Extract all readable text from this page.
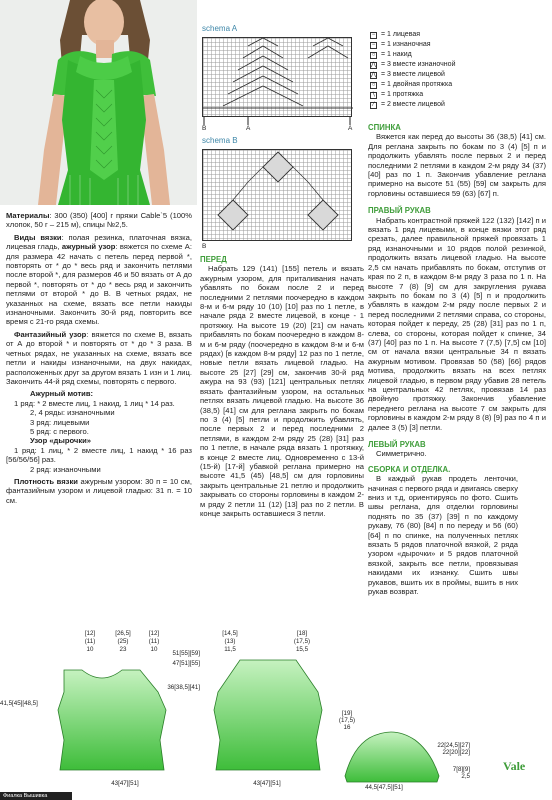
schema A
B	A	A
schema B
B
− = 1 лицевая
− = 1 изнаночная
○ = 1 накид
⋀ = 3 вместе изнаночной
⋀ = 3 вместе лицевой
○ = 1 двойная протяжка
∖ = 1 протяжка
⁄	= 2 вместе лицевой

Материалы: 300 (350) [400] г пряжи Cable`5 (100% хлопок, 50 г – 215 м), спицы №2,5.

Виды вязки: полая резинка, платочная вязка, лицевая гладь, ажурный узор: вяжется по схеме А: для размера 42 начать с петель перед первой *, повторять от * до * весь ряд и закончить петлями после второй *, для размеров 46 и 50 вязать от А до первой *, повторять от * до * весь ряд и закончить петлями от вторoй * до В. В четных рядах, не указанных на схеме, вязать все петли накиды изнаночными. Закончить 30-й ряд, повторить все время с 21-го ряда схемы.

Фантазийный узор: вяжется по схеме В, вязать от А до второй * и повторять от * до * 3 раза. В четных рядах, не указанных на схеме, вязать все петли и накиды изнаночными, на двух накидах, расположенных друг за другом вязать 1 изн и 1 лиц. Закончить 44-й ряд схемы, повторять с первого.

Ажурный мотив:

1 ряд: * 2 вместе лиц, 1 накид, 1 лиц * 14 раз.

2, 4 ряды: изнаночными

3 ряд: лицевыми

5 ряд: с первого.

Узор «дырочки»

1 ряд: 1 лиц, * 2 вместе лиц, 1 накид * 16 раз [56/56/56] раз.

2 ряд: изнаночными

Плотность вязки ажурным узором: 30 п = 10 см, фантазийным узором и лицевой гладью: 31 п. = 10 см.

ПЕРЕД

Набрать 129 (141) [155] петель и вязать ажурным узором, для приталивания начать убавлять по бокам после 2 и перед последними 2 петлями поочередно в каждом 8-м и 6-м ряду 10 (10) [10] раз по 1 петле, в начале ряда 2 вместе лицевой, в конце - 1 протяжку. На высоте 19 (20) [21] см начать прибавлять по бокам поочередно в каждом 8-м и 6-м ряду (поочередно в каждом 8-м и 6-м рядах) [в каждом 8-м ряду] 12 раз по 1 петле, новые петли вязать лицевой гладью. На высоте 25 [27] [29] см, закончив 30-й ряд ажура на 93 (93) [121] центральных петлях вязать фантазийным узором, на остальных петлях вязать лицевой гладью. На высоте 36 (38,5) [41] см для реглана закрыть по бокам по 3 (4) [5] петли и продолжить убавлять, после первых 2 и перед последними 2 петлями, в каждом 2-м ряду 25 (28) [31] раз по 1 петле, в начале ряда вязать 1 протяжку, в конце 2 вместе лиц. Одновременно с 13-й (15-й) [17-й] убавкой реглана примерно на высоте 41,5 (45) [48,5] см для горловины закрыть центральные 21 петлю и продолжить закрывать со стороны горловины в каждом 2-м ряду 2 петли 11 (12) [13] раз по 2 петли. В конце закрыть оставшиеся 3 петли.

СПИНКА

Вяжется как перед до высоты 36 (38,5) [41] см. Для реглана закрыть по бокам по 3 (4) [5] п и продолжить убавлять после первых 2 и перед последними 2 петлями в каждом 2-м ряду 34 (37) [40] раз по 1 п. Закончив убавление реглана примерно на высоте 51 (55) [59] см закрыть для горловины оставшиеся 59 (63) [67] п.

ПРАВЫЙ РУКАВ

Набрать контрастной пряжей 122 (132) [142] п и вязать 1 ряд лицевыми, в конце вязки этот ряд срезать, далее правильной пряжей провязать 1 ряд изнаночными и 10 рядов полой резинкой, продолжить вязать лицевой гладью. На высоте 2,5 см начать прибавлять по бокам, отступив от края по 2 п, в каждом 8-м ряду 3 раза по 1 п. На высоте 7 (8) [9] см для закругления рукава закрыть по бокам по 3 (4) [5] п и продолжить убавлять в каждом 2-м ряду после первых 2 и перед последними 2 петлями справа, со стороны, которая пойдет к переду, 25 (28) [31] раз по 1 п, слева, со стороны, которая пойдет к спинке, 34 (37) [40] раз по 1 п. На высоте 7 (7,5) [7,5] см [10] см от начала вязки центральные 34 п вязать ажурным мотивом. Провязав 50 (58) [66] рядов мотива, продолжить вязать на всех петлях лицевой гладью, в первом ряду убавив 28 петель на центральных 42 петлях, провязав 14 раз двойную протяжку. Закончив убавление переднего реглана на высоте 7 см закрыть для горловины в каждом 2-м ряду 8 (8) [9] раз по 4 п и далее 3 (5) [3] петли.

ЛЕВЫЙ РУКАВ

Симметрично.

СБОРКА И ОТДЕЛКА.

В каждый рукав продеть ленточки, начиная с первого ряда и двигаясь сверху вниз и т.д, ориентируясь по фото. Сшить швы реглана, для отделки горловины поднять по 35 (37) [39] п по каждому рукаву, 76 (80) [84] п по переду и 56 (60) [64] п по спинке, на полученных петлях вязать 5 рядов платочной вязкой, 2 ряда узором «дырочки» и 5 рядов платочной вязкой, закрыть все петли, провязывая накидами их изнанку. Сшить швы рукавов, вшить их в проймы, вшить в них рукав возврат.

[12]
(11)
10
[26,5]
(25)
23
[12]
(11)
10
41,5[45][48,5]
51[55][59]
47[51][55]
36[38,5][41]
43[47][51]
[14,5]
(13)
11,5
[18]
(17,5)
15,5
43[47][51]
[19]
(17,5)
16
44,5[47,5][51]
22[24,5][27]
22[20][22]
7[8][9]
2,5
Vale
Фиалка Вышивка
